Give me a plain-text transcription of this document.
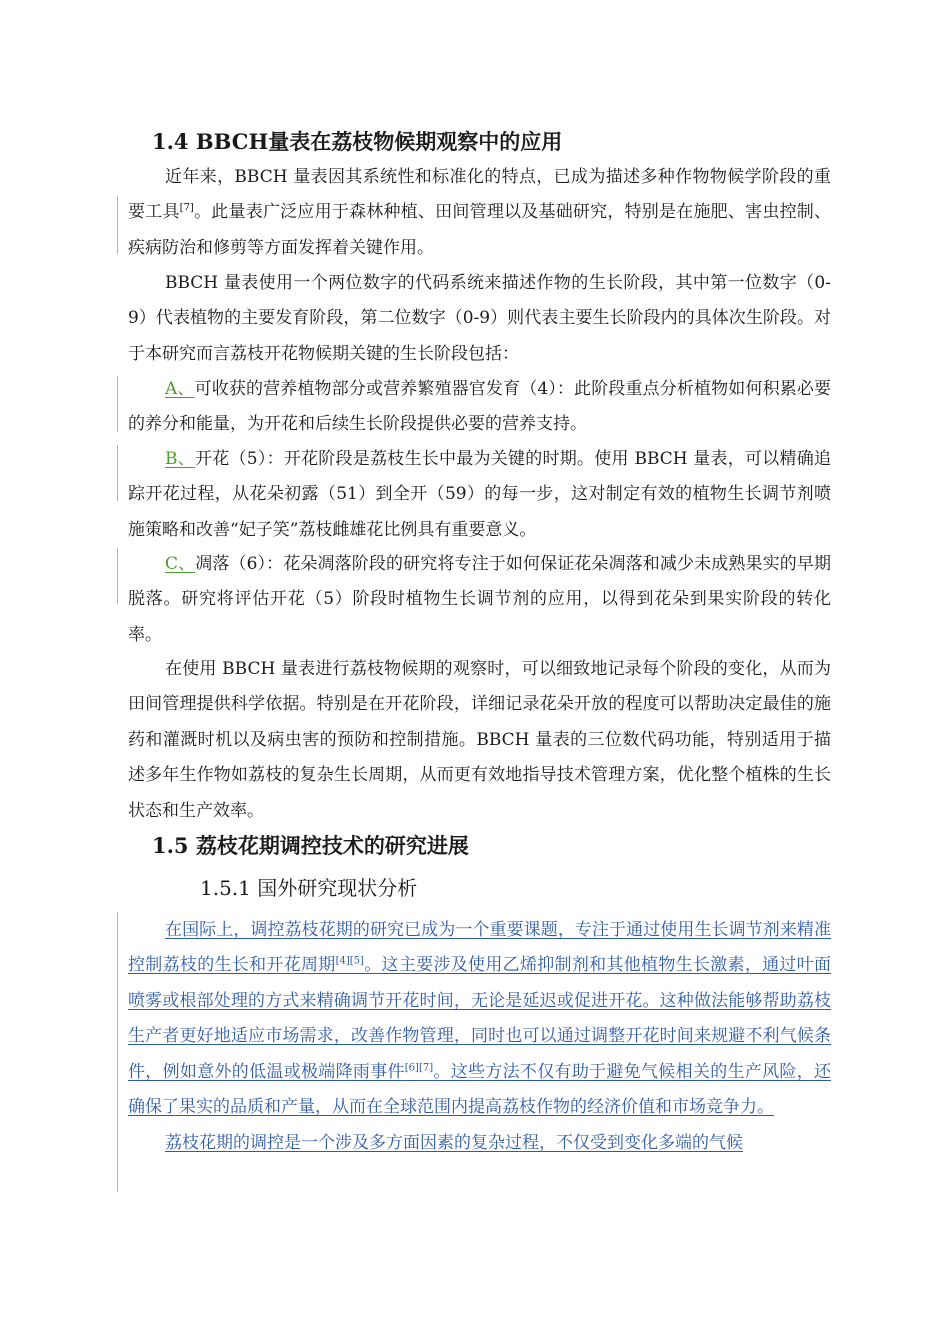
1.4 BBCH量表在荔枝物候期观察中的应用

近年来，BBCH 量表因其系统性和标准化的特点，已成为描述多种作物物候学阶段的重要工具[7]。此量表广泛应用于森林种植、田间管理以及基础研究，特别是在施肥、害虫控制、疾病防治和修剪等方面发挥着关键作用。

BBCH 量表使用一个两位数字的代码系统来描述作物的生长阶段，其中第一位数字（0-9）代表植物的主要发育阶段，第二位数字（0-9）则代表主要生长阶段内的具体次生阶段。对于本研究而言荔枝开花物候期关键的生长阶段包括：

A、可收获的营养植物部分或营养繁殖器官发育（4）：此阶段重点分析植物如何积累必要的养分和能量，为开花和后续生长阶段提供必要的营养支持。

B、开花（5）：开花阶段是荔枝生长中最为关键的时期。使用 BBCH 量表，可以精确追踪开花过程，从花朵初露（51）到全开（59）的每一步，这对制定有效的植物生长调节剂喷施策略和改善“妃子笑”荔枝雌雄花比例具有重要意义。

C、凋落（6）：花朵凋落阶段的研究将专注于如何保证花朵凋落和减少未成熟果实的早期脱落。研究将评估开花（5）阶段时植物生长调节剂的应用，以得到花朵到果实阶段的转化率。

在使用 BBCH 量表进行荔枝物候期的观察时，可以细致地记录每个阶段的变化，从而为田间管理提供科学依据。特别是在开花阶段，详细记录花朵开放的程度可以帮助决定最佳的施药和灌溉时机以及病虫害的预防和控制措施。BBCH 量表的三位数代码功能，特别适用于描述多年生作物如荔枝的复杂生长周期，从而更有效地指导技术管理方案，优化整个植株的生长状态和生产效率。

1.5 荔枝花期调控技术的研究进展
1.5.1 国外研究现状分析

在国际上，调控荔枝花期的研究已成为一个重要课题，专注于通过使用生长调节剂来精准控制荔枝的生长和开花周期[4][5]。这主要涉及使用乙烯抑制剂和其他植物生长激素，通过叶面喷雾或根部处理的方式来精确调节开花时间，无论是延迟或促进开花。这种做法能够帮助荔枝生产者更好地适应市场需求，改善作物管理，同时也可以通过调整开花时间来规避不利气候条件，例如意外的低温或极端降雨事件[6][7]。这些方法不仅有助于避免气候相关的生产风险，还确保了果实的品质和产量，从而在全球范围内提高荔枝作物的经济价值和市场竞争力。

荔枝花期的调控是一个涉及多方面因素的复杂过程，不仅受到变化多端的气候
